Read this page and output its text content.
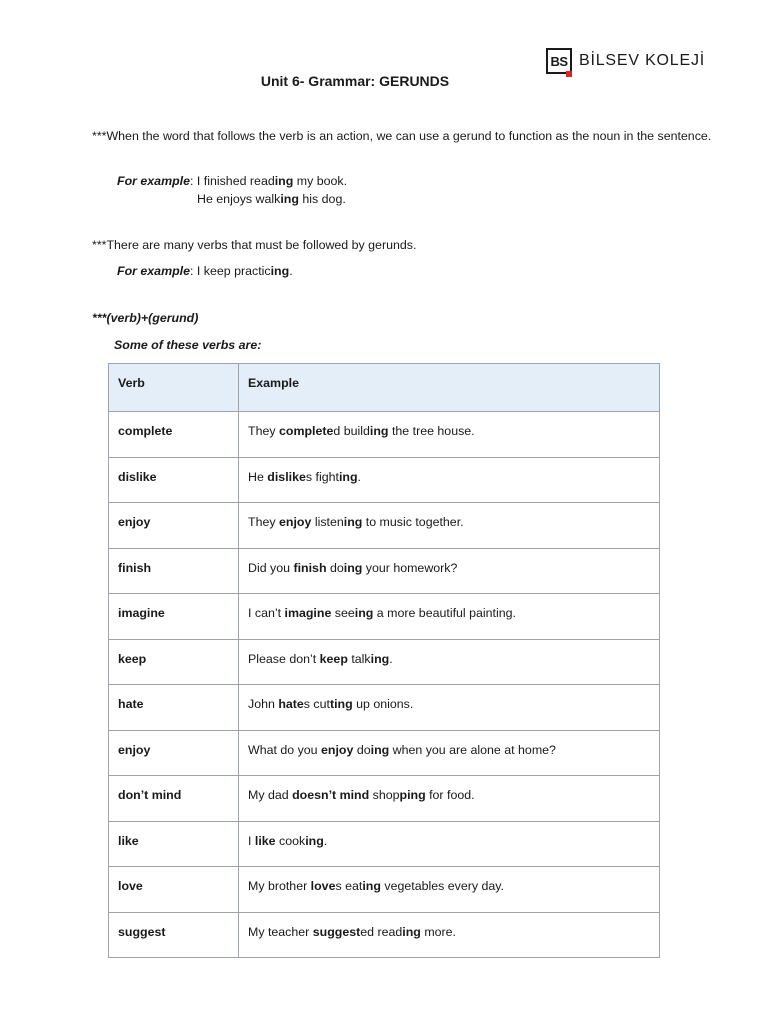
BS BİLSEV KOLEJİ
Unit 6- Grammar: GERUNDS
***When the word that follows the verb is an action, we can use a gerund to function as the noun in the sentence.
For example: I finished reading my book.
He enjoys walking his dog.
***There are many verbs that must be followed by gerunds.
For example: I keep practicing.
***(verb)+(gerund)
Some of these verbs are:
Verb	Example
complete	They completed building the tree house.
dislike	He dislikes fighting.
enjoy	They enjoy listening to music together.
finish	Did you finish doing your homework?
imagine	I can’t imagine seeing a more beautiful painting.
keep	Please don’t keep talking.
hate	John hates cutting up onions.
enjoy	What do you enjoy doing when you are alone at home?
don’t mind	My dad doesn’t mind shopping for food.
like	I like cooking.
love	My brother loves eating vegetables every day.
suggest	My teacher suggested reading more.
